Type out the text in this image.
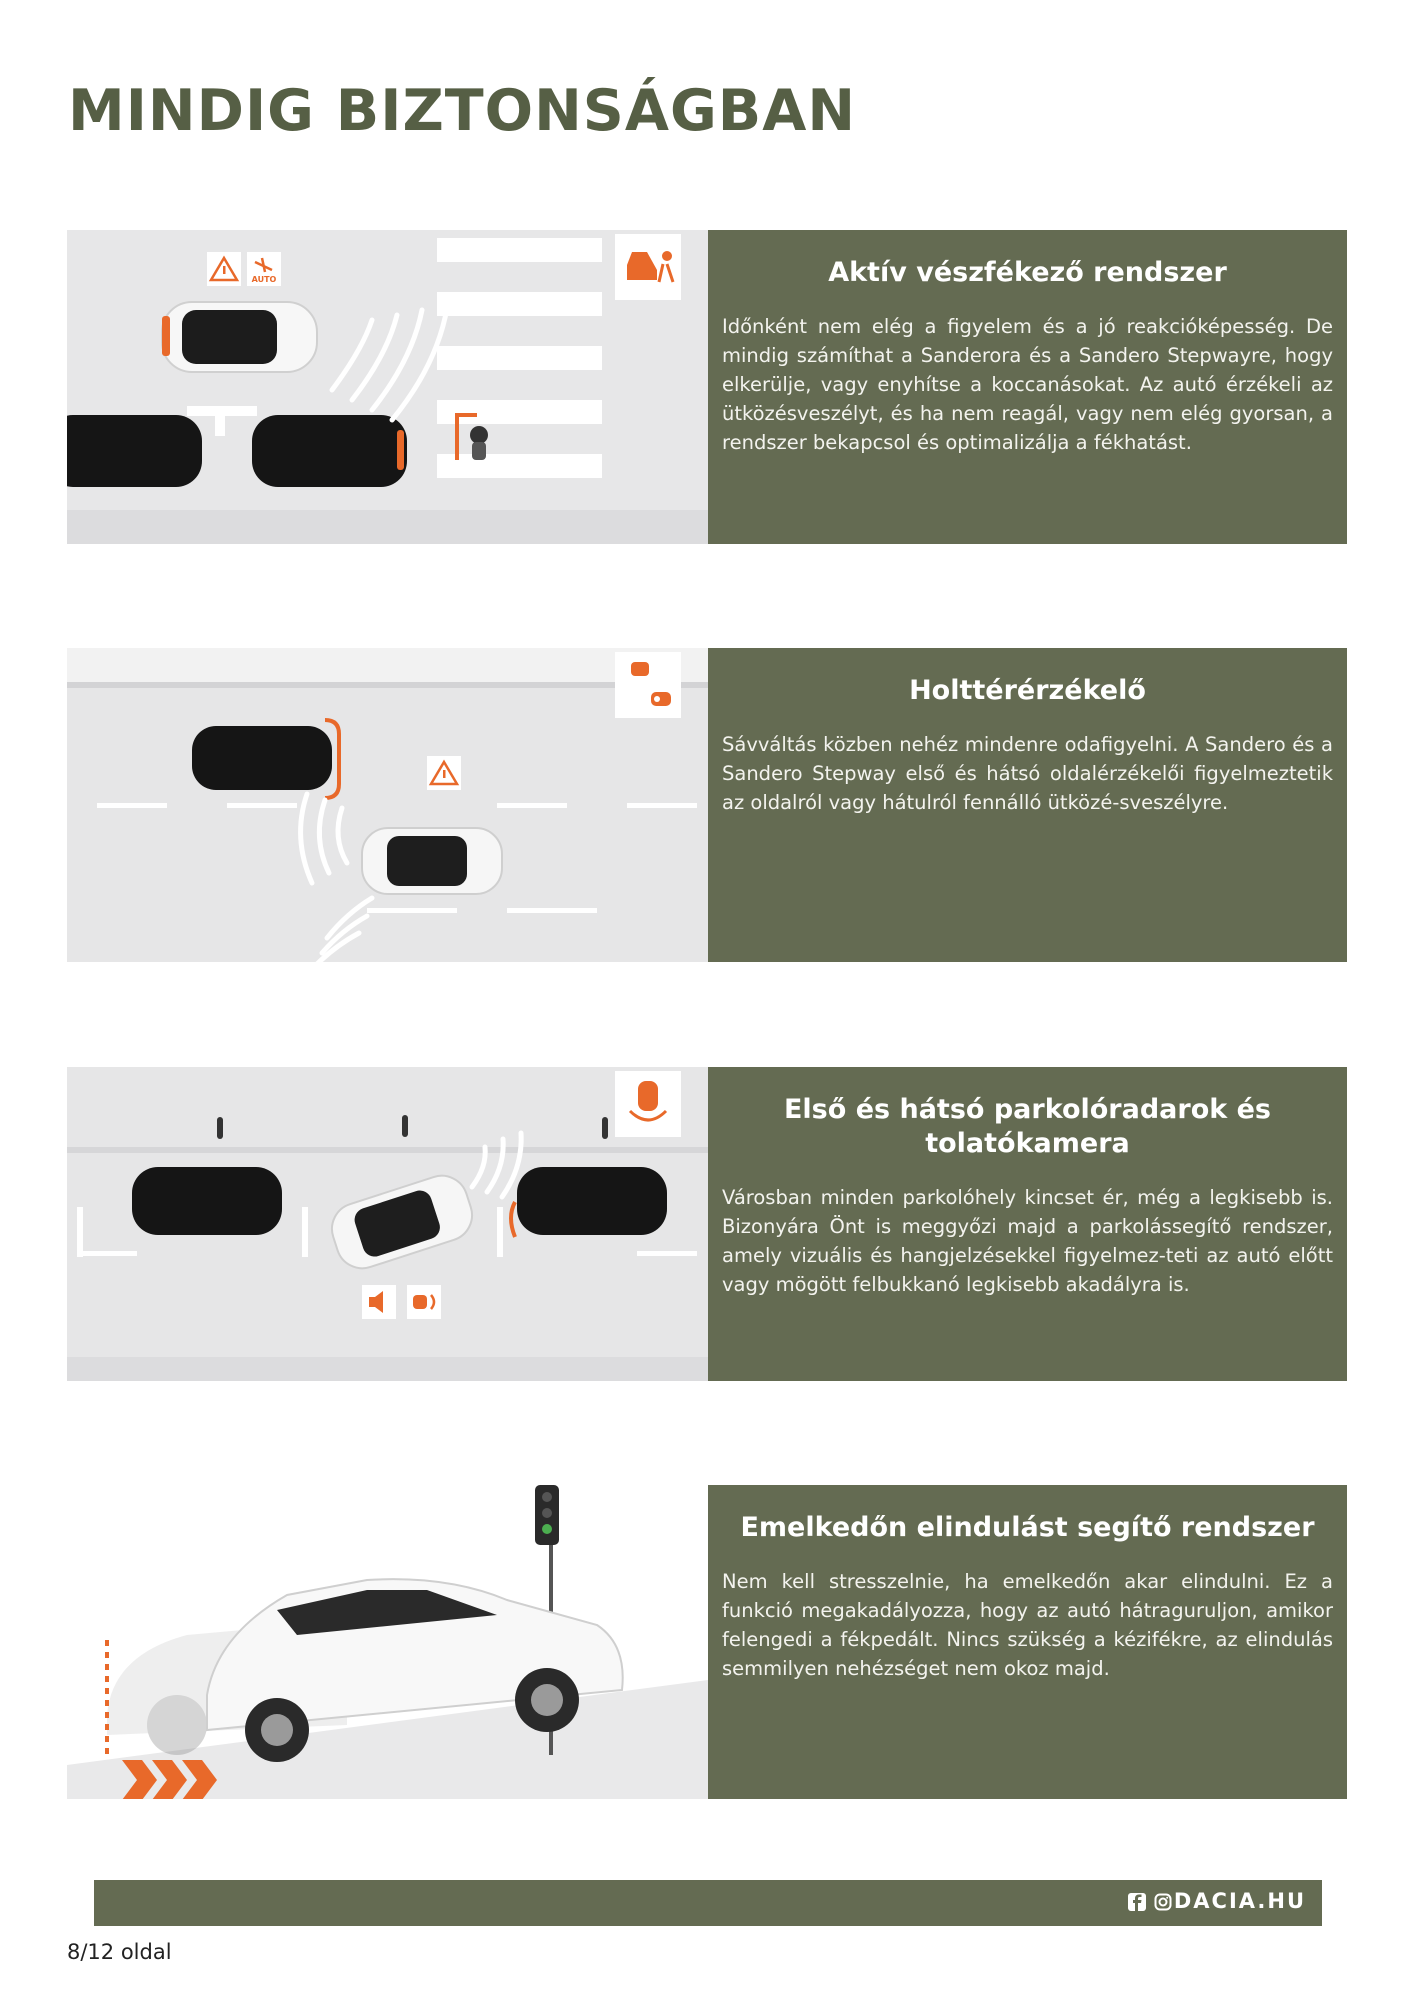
MINDIG BIZTONSÁGBAN
AUTO	Aktív vészfékező rendszer

Időnként nem elég a figyelem és a jó reakcióképesség. De mindig számíthat a Sanderora és a Sandero Stepwayre, hogy elkerülje, vagy enyhítse a koccanásokat. Az autó érzékeli az ütközésveszélyt, és ha nem reagál, vagy nem elég gyorsan, a rendszer bekapcsol és optimalizálja a fékhatást.

Holttérérzékelő

Sávváltás közben nehéz mindenre odafigyelni. A Sandero és a Sandero Stepway első és hátsó oldalérzékelői figyelmeztetik az oldalról vagy hátulról fennálló ütközé-sveszélyre.

Első és hátsó parkolóradarok és tolatókamera

Városban minden parkolóhely kincset ér, még a legkisebb is. Bizonyára Önt is meggyőzi majd a parkolássegítő rendszer, amely vizuális és hangjelzésekkel figyelmez-teti az autó előtt vagy mögött felbukkanó legkisebb akadályra is.

Emelkedőn elindulást segítő rendszer

Nem kell stresszelnie, ha emelkedőn akar elindulni. Ez a funkció megakadályozza, hogy az autó hátraguruljon, amikor felengedi a fékpedált. Nincs szükség a kézifékre, az elindulás semmilyen nehézséget nem okoz majd.

DACIA.HU
8/12 oldal
